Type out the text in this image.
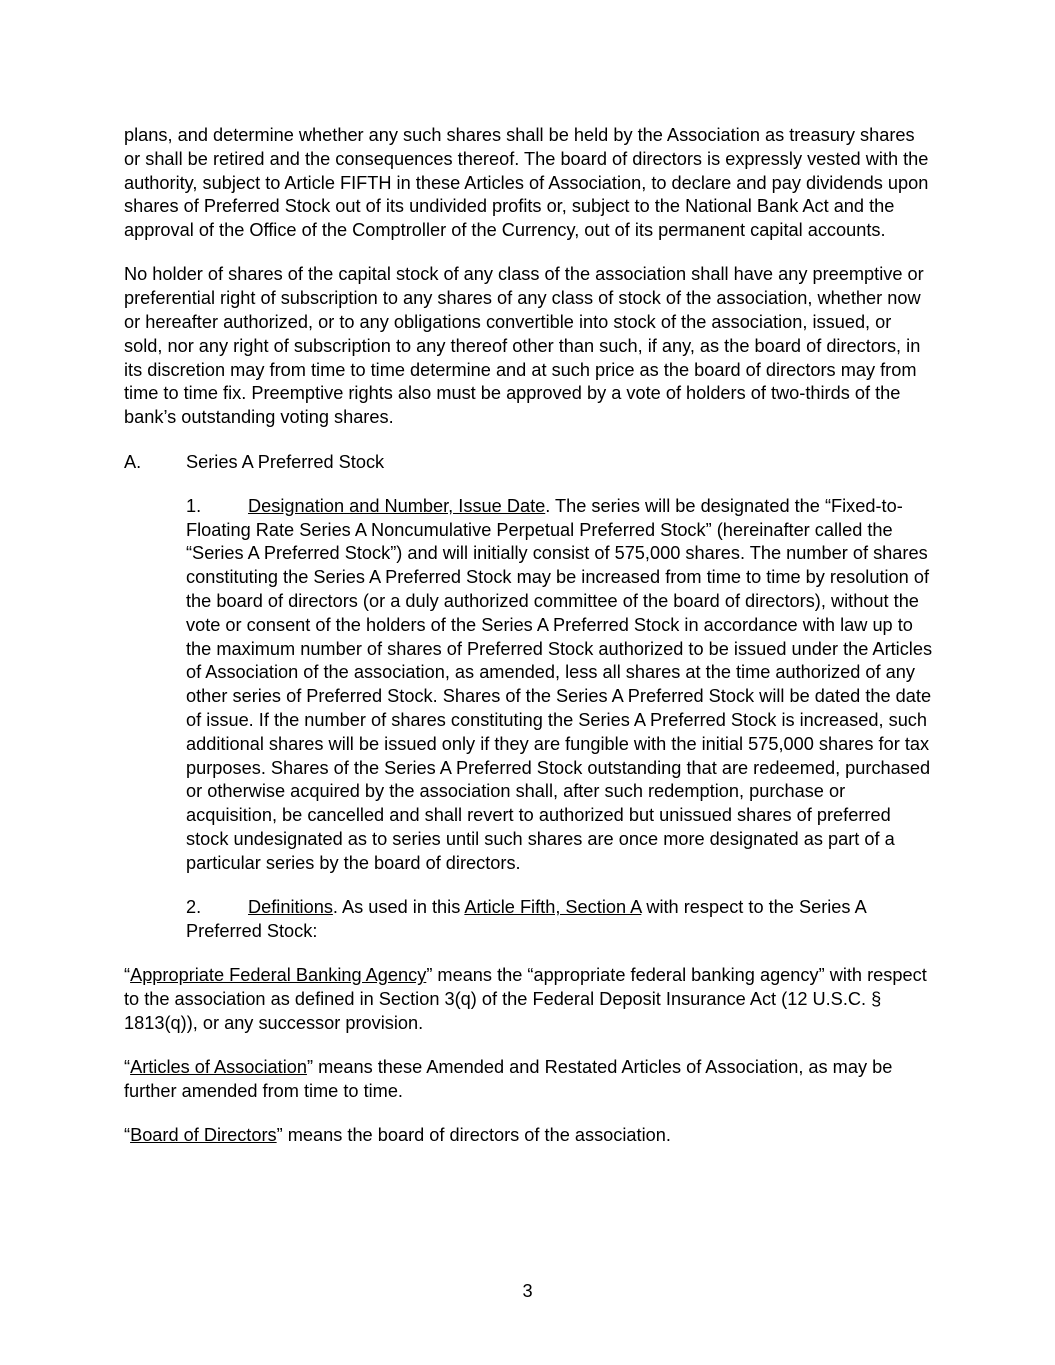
plans, and determine whether any such shares shall be held by the Association as treasury shares or shall be retired and the consequences thereof. The board of directors is expressly vested with the authority, subject to Article FIFTH in these Articles of Association, to declare and pay dividends upon shares of Preferred Stock out of its undivided profits or, subject to the National Bank Act and the approval of the Office of the Comptroller of the Currency, out of its permanent capital accounts.

No holder of shares of the capital stock of any class of the association shall have any preemptive or preferential right of subscription to any shares of any class of stock of the association, whether now or hereafter authorized, or to any obligations convertible into stock of the association, issued, or sold, nor any right of subscription to any thereof other than such, if any, as the board of directors, in its discretion may from time to time determine and at such price as the board of directors may from time to time fix. Preemptive rights also must be approved by a vote of holders of two-thirds of the bank’s outstanding voting shares.

A.	Series A Preferred Stock

1.	Designation and Number, Issue Date. The series will be designated the “Fixed-to-Floating Rate Series A Noncumulative Perpetual Preferred Stock” (hereinafter called the “Series A Preferred Stock”) and will initially consist of 575,000 shares. The number of shares constituting the Series A Preferred Stock may be increased from time to time by resolution of the board of directors (or a duly authorized committee of the board of directors), without the vote or consent of the holders of the Series A Preferred Stock in accordance with law up to the maximum number of shares of Preferred Stock authorized to be issued under the Articles of Association of the association, as amended, less all shares at the time authorized of any other series of Preferred Stock. Shares of the Series A Preferred Stock will be dated the date of issue. If the number of shares constituting the Series A Preferred Stock is increased, such additional shares will be issued only if they are fungible with the initial 575,000 shares for tax purposes. Shares of the Series A Preferred Stock outstanding that are redeemed, purchased or otherwise acquired by the association shall, after such redemption, purchase or acquisition, be cancelled and shall revert to authorized but unissued shares of preferred stock undesignated as to series until such shares are once more designated as part of a particular series by the board of directors.

2.	Definitions. As used in this Article Fifth, Section A with respect to the Series A Preferred Stock:

“Appropriate Federal Banking Agency” means the “appropriate federal banking agency” with respect to the association as defined in Section 3(q) of the Federal Deposit Insurance Act (12 U.S.C. § 1813(q)), or any successor provision.

“Articles of Association” means these Amended and Restated Articles of Association, as may be further amended from time to time.

“Board of Directors” means the board of directors of the association.

3
